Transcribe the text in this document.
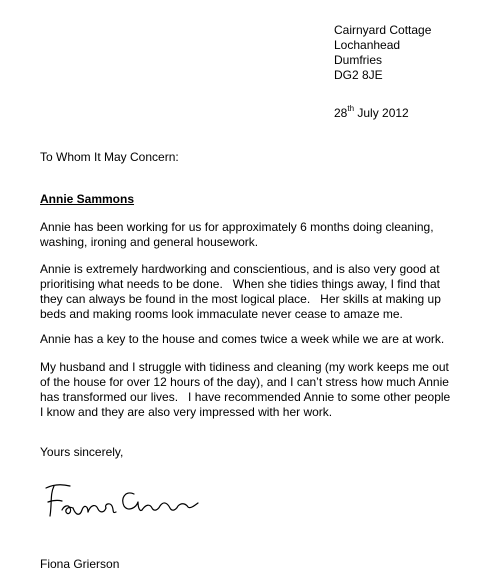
Cairnyard Cottage
Lochanhead
Dumfries
DG2 8JE
28th July 2012
To Whom It May Concern:
Annie Sammons
Annie has been working for us for approximately 6 months doing cleaning,
washing, ironing and general housework.
Annie is extremely hardworking and conscientious, and is also very good at
prioritising what needs to be done.   When she tidies things away, I find that
they can always be found in the most logical place.   Her skills at making up
beds and making rooms look immaculate never cease to amaze me.
Annie has a key to the house and comes twice a week while we are at work.
My husband and I struggle with tidiness and cleaning (my work keeps me out
of the house for over 12 hours of the day), and I can’t stress how much Annie
has transformed our lives.   I have recommended Annie to some other people
I know and they are also very impressed with her work.
Yours sincerely,
Fiona Grierson
